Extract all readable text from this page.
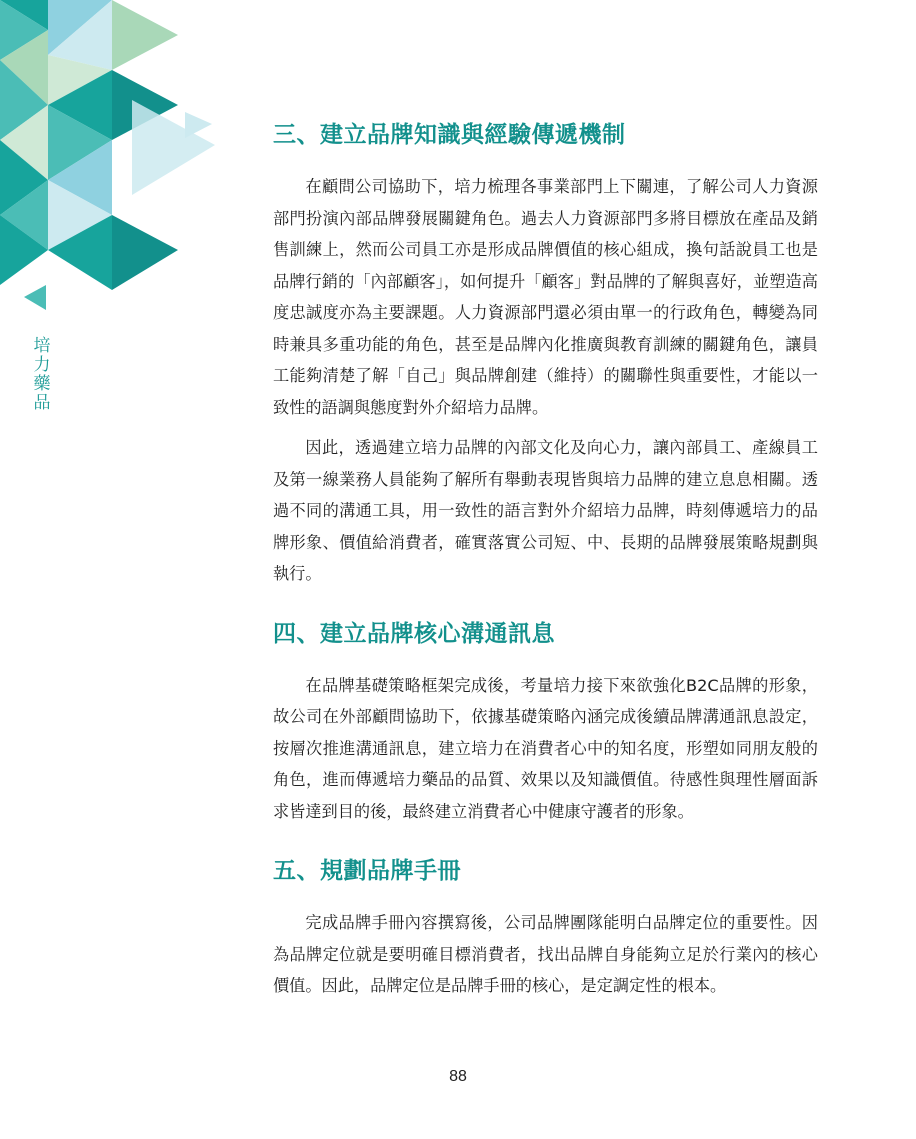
培
力
藥
品
三、建立品牌知識與經驗傳遞機制

在顧問公司協助下，培力梳理各事業部門上下關連，了解公司人力資源部門扮演內部品牌發展關鍵角色。過去人力資源部門多將目標放在產品及銷售訓練上，然而公司員工亦是形成品牌價值的核心組成，換句話說員工也是品牌行銷的「內部顧客」，如何提升「顧客」對品牌的了解與喜好，並塑造高度忠誠度亦為主要課題。人力資源部門還必須由單一的行政角色，轉變為同時兼具多重功能的角色，甚至是品牌內化推廣與教育訓練的關鍵角色，讓員工能夠清楚了解「自己」與品牌創建（維持）的關聯性與重要性，才能以一致性的語調與態度對外介紹培力品牌。

因此，透過建立培力品牌的內部文化及向心力，讓內部員工、產線員工及第一線業務人員能夠了解所有舉動表現皆與培力品牌的建立息息相關。透過不同的溝通工具，用一致性的語言對外介紹培力品牌，時刻傳遞培力的品牌形象、價值給消費者，確實落實公司短、中、長期的品牌發展策略規劃與執行。

四、建立品牌核心溝通訊息

在品牌基礎策略框架完成後，考量培力接下來欲強化B2C品牌的形象，故公司在外部顧問協助下，依據基礎策略內涵完成後續品牌溝通訊息設定，按層次推進溝通訊息，建立培力在消費者心中的知名度，形塑如同朋友般的角色，進而傳遞培力藥品的品質、效果以及知識價值。待感性與理性層面訴求皆達到目的後，最終建立消費者心中健康守護者的形象。

五、規劃品牌手冊

完成品牌手冊內容撰寫後，公司品牌團隊能明白品牌定位的重要性。因為品牌定位就是要明確目標消費者，找出品牌自身能夠立足於行業內的核心價值。因此，品牌定位是品牌手冊的核心，是定調定性的根本。

88
